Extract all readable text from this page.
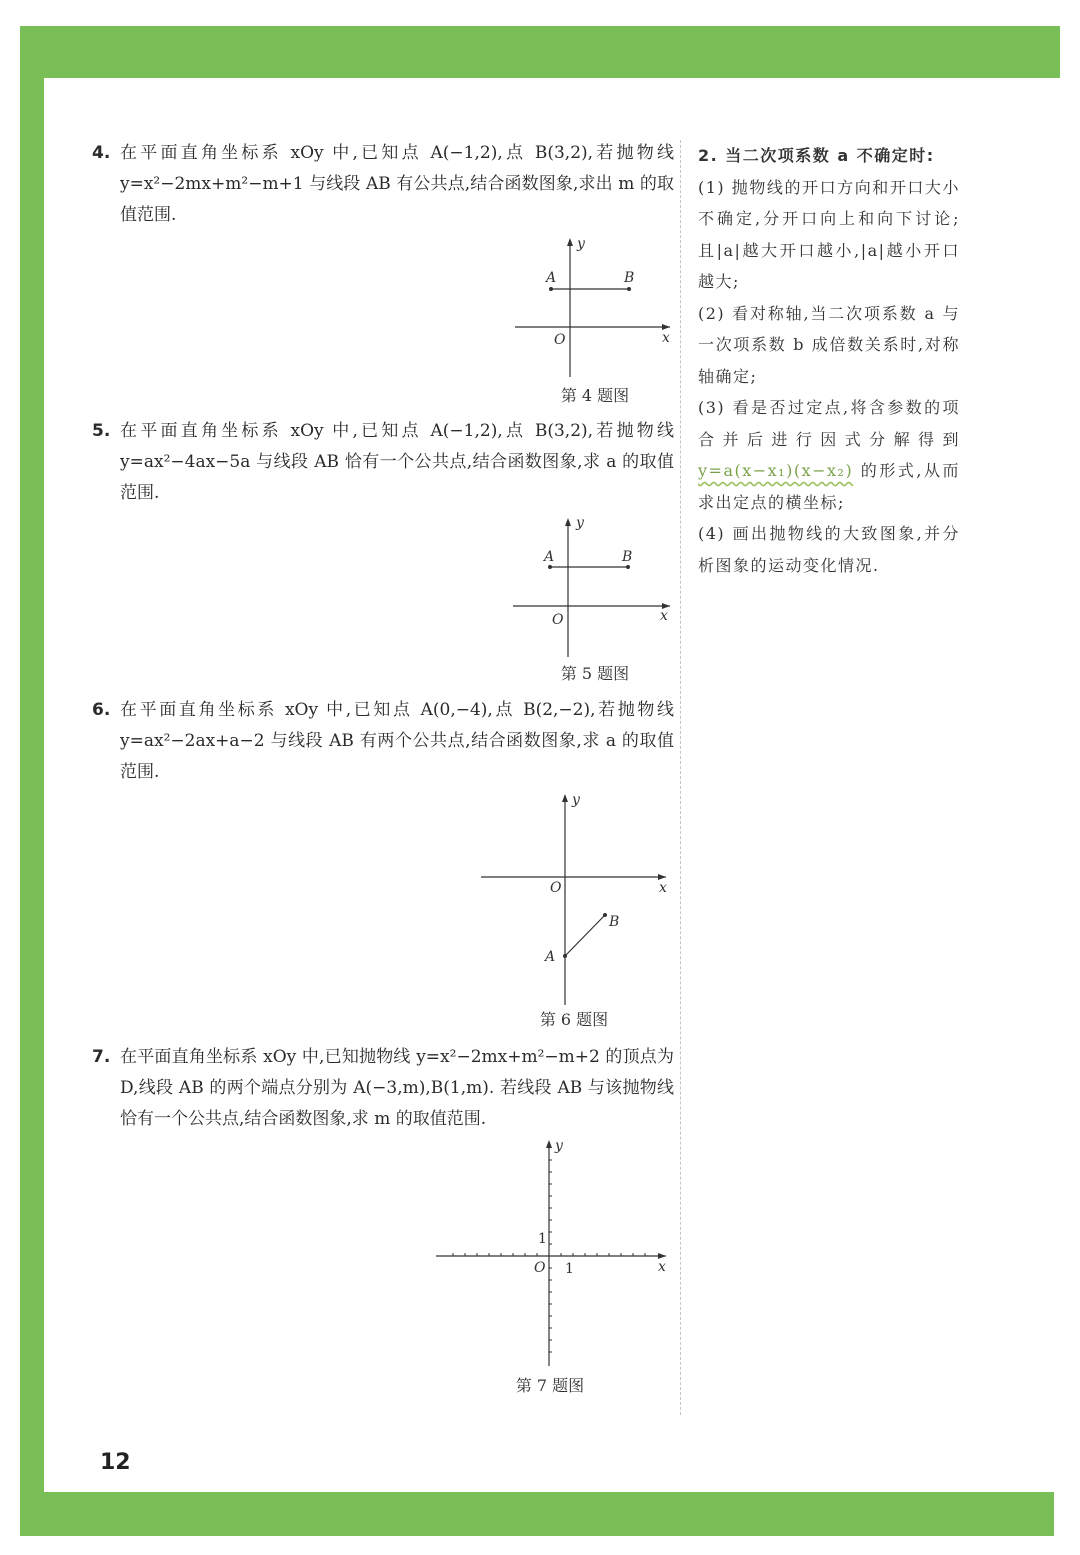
4. 在平面直角坐标系 xOy 中,已知点 A(−1,2),点 B(3,2),若抛物线 y=x²−2mx+m²−m+1 与线段 AB 有公共点,结合函数图象,求出 m 的取值范围.
A	B
y
x
O
第 4 题图
5. 在平面直角坐标系 xOy 中,已知点 A(−1,2),点 B(3,2),若抛物线 y=ax²−4ax−5a 与线段 AB 恰有一个公共点,结合函数图象,求 a 的取值范围.
A	B
y
x
O
第 5 题图
6. 在平面直角坐标系 xOy 中,已知点 A(0,−4),点 B(2,−2),若抛物线 y=ax²−2ax+a−2 与线段 AB 有两个公共点,结合函数图象,求 a 的取值范围.
A
B
y
x
O
第 6 题图
7. 在平面直角坐标系 xOy 中,已知抛物线 y=x²−2mx+m²−m+2 的顶点为 D,线段 AB 的两个端点分别为 A(−3,m),B(1,m). 若线段 AB 与该抛物线恰有一个公共点,结合函数图象,求 m 的取值范围.
y
x
O 1
1
第 7 题图

2. 当二次项系数 a 不确定时:

(1) 抛物线的开口方向和开口大小不确定,分开口向上和向下讨论;且|a|越大开口越小,|a|越小开口越大;

(2) 看对称轴,当二次项系数 a 与一次项系数 b 成倍数关系时,对称轴确定;

(3) 看是否过定点,将含参数的项合并后进行因式分解得到 y=a(x−x₁)(x−x₂) 的形式,从而求出定点的横坐标;

(4) 画出抛物线的大致图象,并分析图象的运动变化情况.

12
